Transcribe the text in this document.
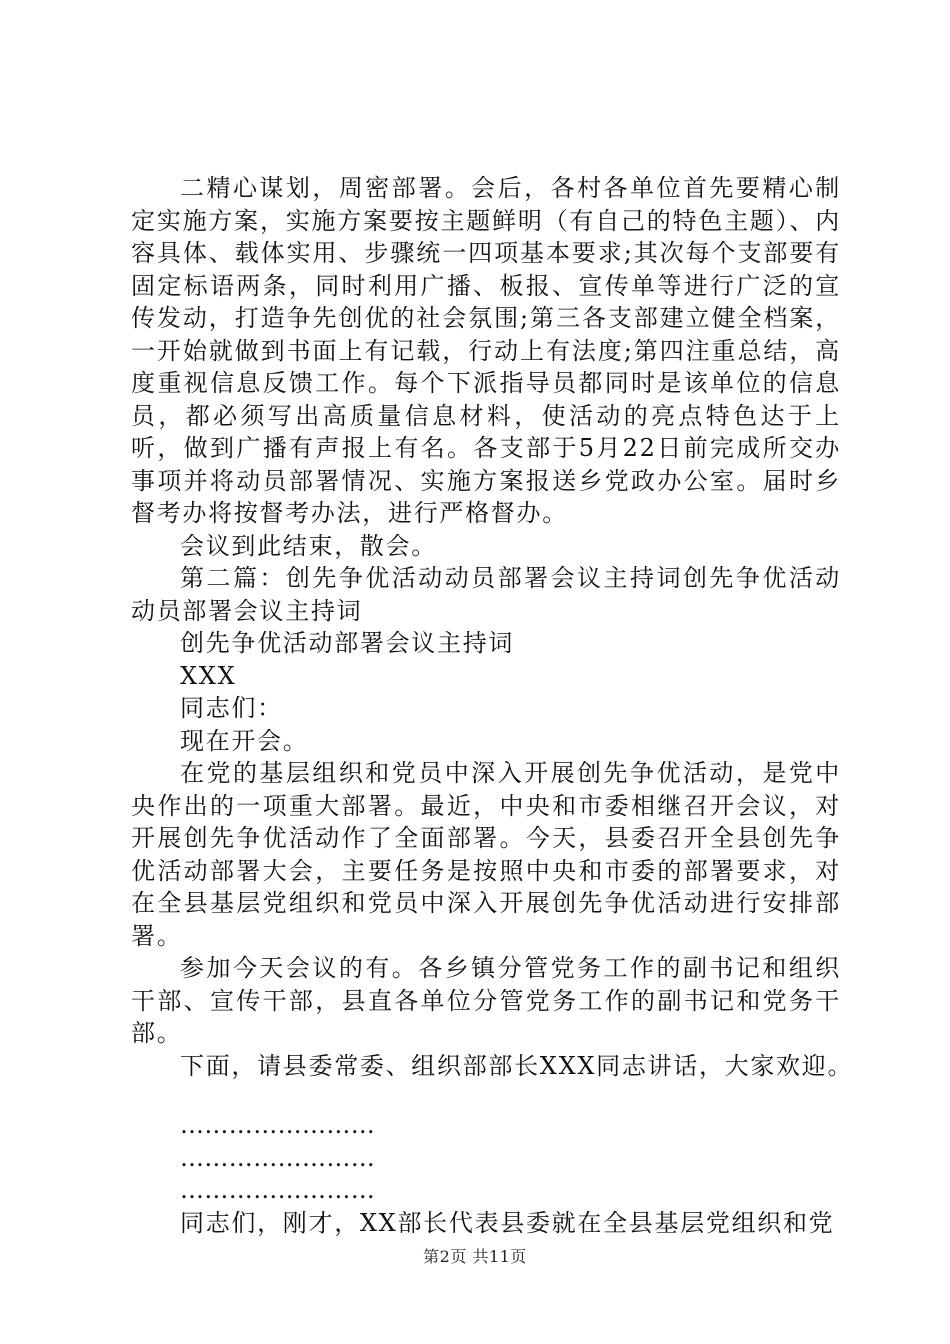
二精心谋划，周密部署。会后，各村各单位首先要精心制定实施方案，实施方案要按主题鲜明（有自己的特色主题）、内容具体、载体实用、步骤统一四项基本要求;其次每个支部要有固定标语两条，同时利用广播、板报、宣传单等进行广泛的宣传发动，打造争先创优的社会氛围;第三各支部建立健全档案，一开始就做到书面上有记载，行动上有法度;第四注重总结，高度重视信息反馈工作。每个下派指导员都同时是该单位的信息员，都必须写出高质量信息材料，使活动的亮点特色达于上听，做到广播有声报上有名。各支部于5月22日前完成所交办事项并将动员部署情况、实施方案报送乡党政办公室。届时乡督考办将按督考办法，进行严格督办。

会议到此结束，散会。

第二篇：创先争优活动动员部署会议主持词创先争优活动动员部署会议主持词

创先争优活动部署会议主持词

XXX

同志们：

现在开会。

在党的基层组织和党员中深入开展创先争优活动，是党中央作出的一项重大部署。最近，中央和市委相继召开会议，对开展创先争优活动作了全面部署。今天，县委召开全县创先争优活动部署大会，主要任务是按照中央和市委的部署要求，对在全县基层党组织和党员中深入开展创先争优活动进行安排部署。

参加今天会议的有。各乡镇分管党务工作的副书记和组织干部、宣传干部，县直各单位分管党务工作的副书记和党务干部。

下面，请县委常委、组织部部长XXX同志讲话，大家欢迎。

……………………

……………………

……………………

同志们，刚才，XX部长代表县委就在全县基层党组织和党

第2页 共11页
